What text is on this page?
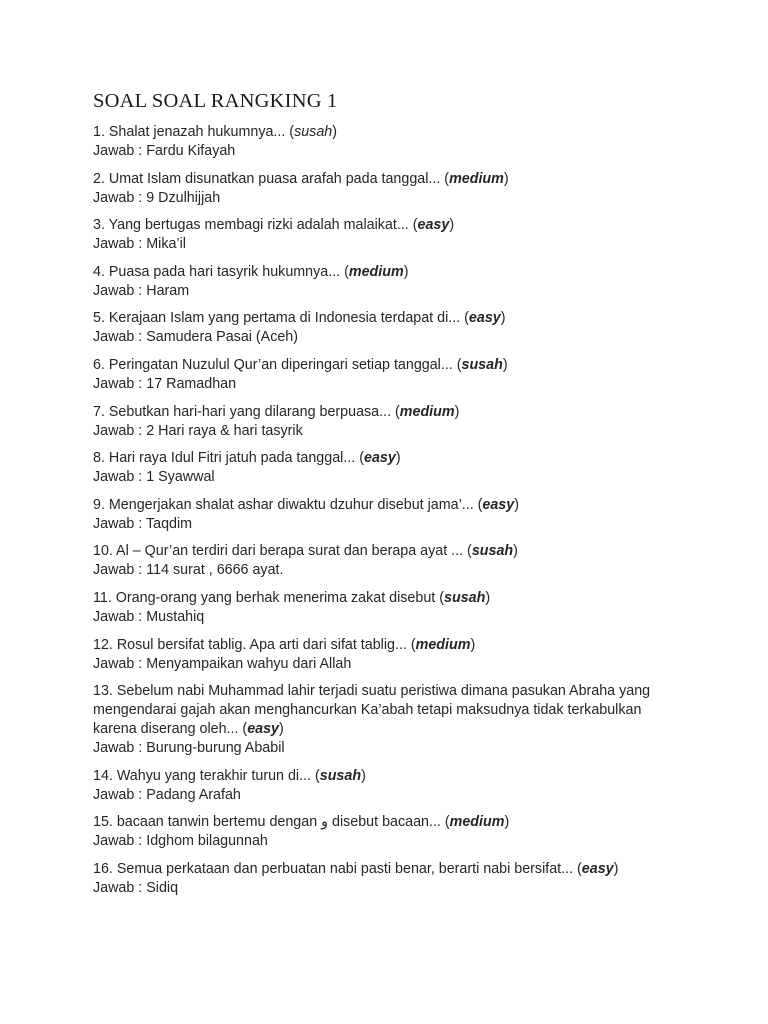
SOAL SOAL RANGKING 1

1. Shalat jenazah hukumnya... (susah)

Jawab : Fardu Kifayah

2. Umat Islam disunatkan puasa arafah pada tanggal... (medium)

Jawab : 9 Dzulhijjah

3. Yang bertugas membagi rizki adalah malaikat... (easy)

Jawab : Mika’il

4. Puasa pada hari tasyrik hukumnya... (medium)

Jawab : Haram

5. Kerajaan Islam yang pertama di Indonesia terdapat di... (easy)

Jawab : Samudera Pasai (Aceh)

6. Peringatan Nuzulul Qur’an diperingari setiap tanggal... (susah)

Jawab : 17 Ramadhan

7. Sebutkan hari-hari yang dilarang berpuasa... (medium)

Jawab : 2 Hari raya & hari tasyrik

8. Hari raya Idul Fitri jatuh pada tanggal... (easy)

Jawab : 1 Syawwal

9. Mengerjakan shalat ashar diwaktu dzuhur disebut jama’... (easy)

Jawab : Taqdim

10. Al – Qur’an terdiri dari berapa surat dan berapa ayat ... (susah)

Jawab : 114 surat , 6666 ayat.

11. Orang-orang yang berhak menerima zakat disebut (susah)

Jawab : Mustahiq

12. Rosul bersifat tablig. Apa arti dari sifat tablig... (medium)

Jawab : Menyampaikan wahyu dari Allah

13. Sebelum nabi Muhammad lahir terjadi suatu peristiwa dimana pasukan Abraha yang mengendarai gajah akan menghancurkan Ka’abah tetapi maksudnya tidak terkabulkan karena diserang oleh... (easy)

Jawab : Burung-burung Ababil

14. Wahyu yang terakhir turun di... (susah)

Jawab : Padang Arafah

15. bacaan tanwin bertemu dengan ﻭ disebut bacaan... (medium)

Jawab : Idghom bilagunnah

16. Semua perkataan dan perbuatan nabi pasti benar, berarti nabi bersifat... (easy)

Jawab : Sidiq
